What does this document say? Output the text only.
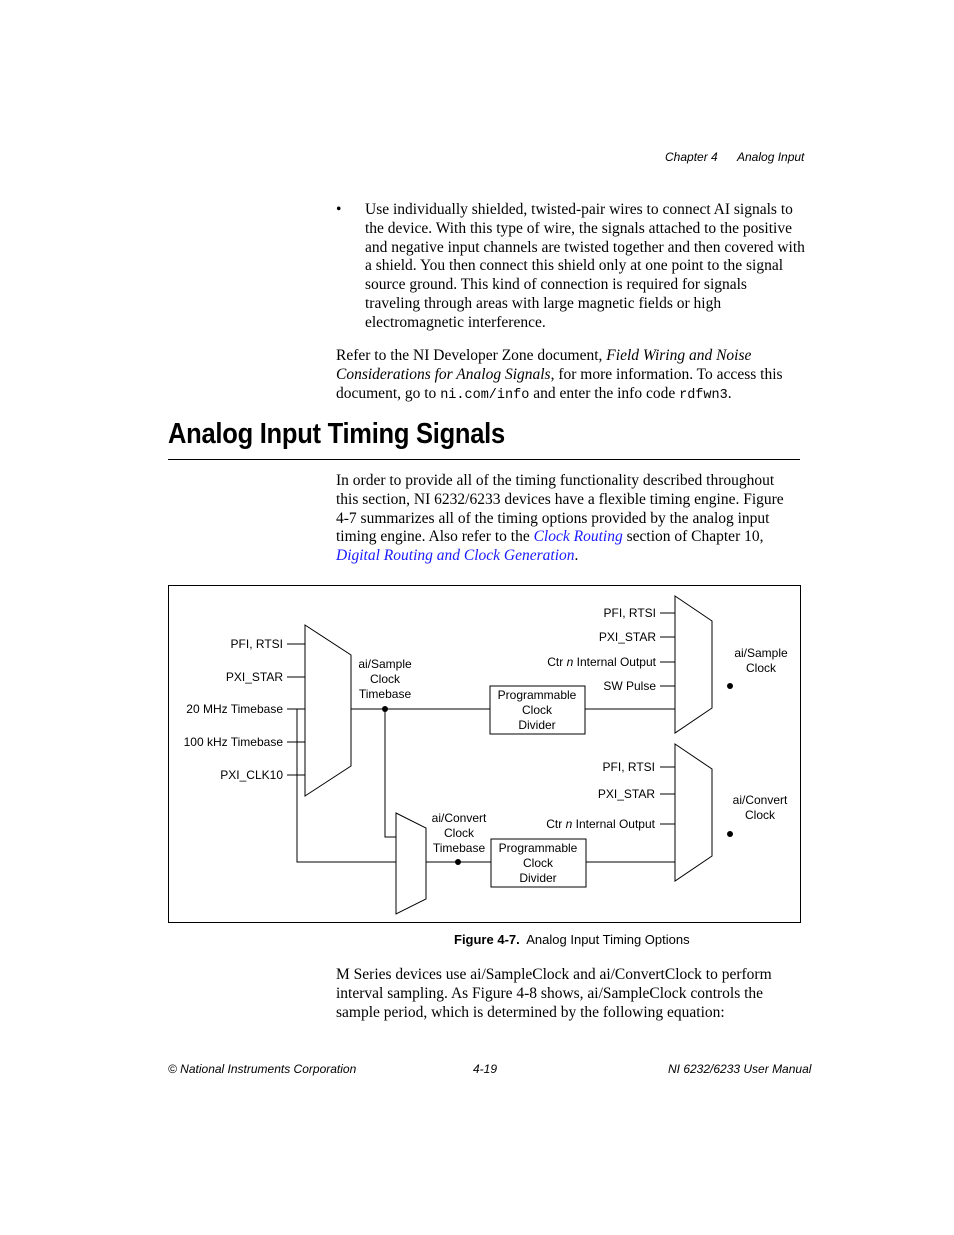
Chapter 4 Analog Input
• Use individually shielded, twisted-pair wires to connect AI signals to the device. With this type of wire, the signals attached to the positive and negative input channels are twisted together and then covered with a shield. You then connect this shield only at one point to the signal source ground. This kind of connection is required for signals traveling through areas with large magnetic fields or high electromagnetic interference.
Refer to the NI Developer Zone document, Field Wiring and Noise Considerations for Analog Signals, for more information. To access this document, go to ni.com/info and enter the info code rdfwn3.
Analog Input Timing Signals
In order to provide all of the timing functionality described throughout this section, NI 6232/6233 devices have a flexible timing engine. Figure 4-7 summarizes all of the timing options provided by the analog input timing engine. Also refer to the Clock Routing section of Chapter 10, Digital Routing and Clock Generation.
PFI, RTSI
PXI_STAR
20 MHz Timebase
100 kHz Timebase
PXI_CLK10
ai/Sample
Clock
Timebase	Programmable
Clock
Divider
PFI, RTSI
PXI_STAR
Ctr n Internal Output
SW Pulse
ai/Sample
Clock
ai/Convert
Clock
Timebase Programmable
Clock
Divider
PFI, RTSI
PXI_STAR
Ctr n Internal Output
ai/Convert
Clock
Figure 4-7. Analog Input Timing Options
M Series devices use ai/SampleClock and ai/ConvertClock to perform interval sampling. As Figure 4-8 shows, ai/SampleClock controls the sample period, which is determined by the following equation:
© National Instruments Corporation	4-19	NI 6232/6233 User Manual
